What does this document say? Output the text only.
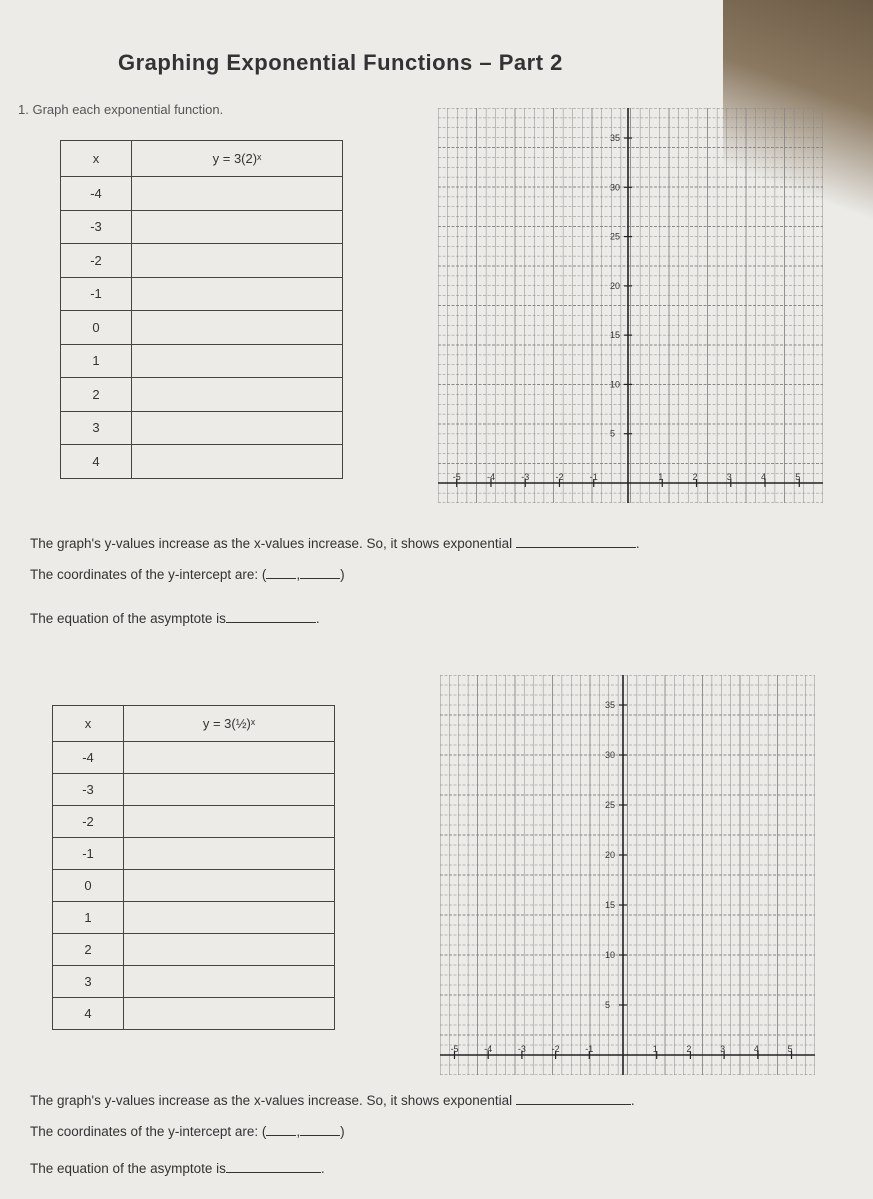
Graphing Exponential Functions – Part 2
1. Graph each exponential function.
x	y = 3(2)ˣ
-4	
-3	
-2	
-1	
0	
1	
2	
3	
4	
-5	-4	-3	-2	-1	1	2	3	4	5
35
30
25
20
15
10
5
The graph's y-values increase as the x-values increase. So, it shows exponential	.
The coordinates of the y-intercept are: ( ,	)
The equation of the asymptote is	.
x	y = 3(½)ˣ
-4	
-3	
-2	
-1	
0	
1	
2	
3	
4	
-5	-4	-3	-2	-1	1	2	3	4	5
35
30
25
20
15
10
5
The graph's y-values increase as the x-values increase. So, it shows exponential	.
The coordinates of the y-intercept are: ( ,	)
The equation of the asymptote is	.
